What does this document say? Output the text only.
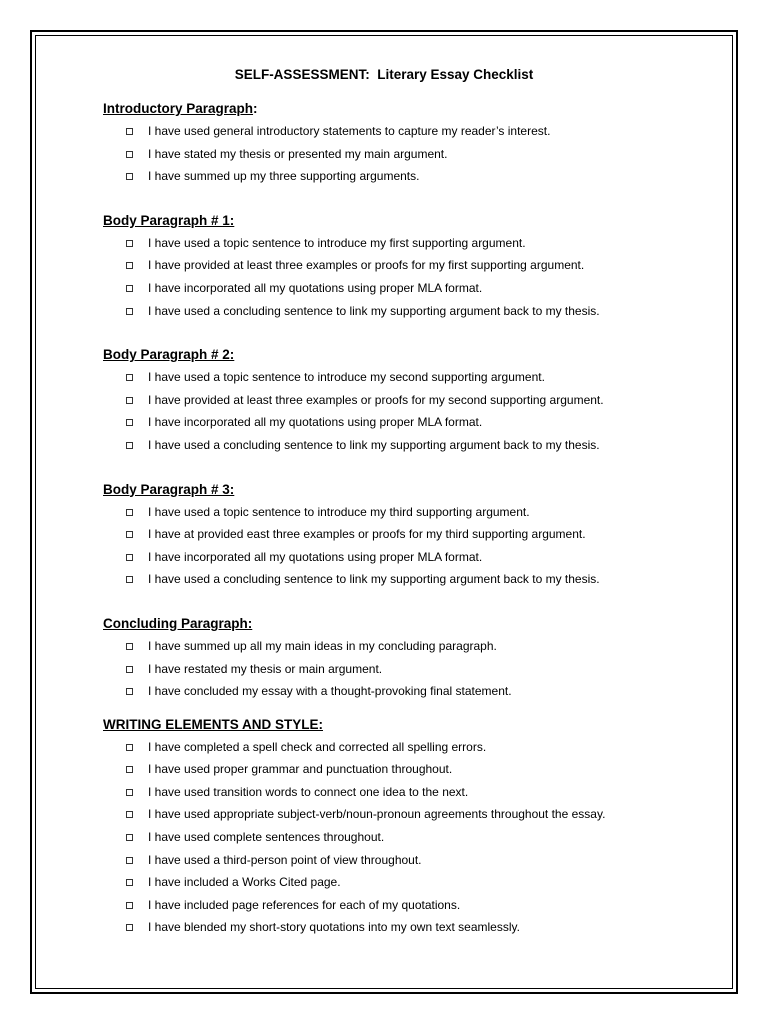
SELF-ASSESSMENT:  Literary Essay Checklist
Introductory Paragraph:
I have used general introductory statements to capture my reader’s interest.
I have stated my thesis or presented my main argument.
I have summed up my three supporting arguments.
Body Paragraph # 1:
I have used a topic sentence to introduce my first supporting argument.
I have provided at least three examples or proofs for my first supporting argument.
I have incorporated all my quotations using proper MLA format.
I have used a concluding sentence to link my supporting argument back to my thesis.
Body Paragraph # 2:
I have used a topic sentence to introduce my second supporting argument.
I have provided at least three examples or proofs for my second supporting argument.
I have incorporated all my quotations using proper MLA format.
I have used a concluding sentence to link my supporting argument back to my thesis.
Body Paragraph # 3:
I have used a topic sentence to introduce my third supporting argument.
I have at provided east three examples or proofs for my third supporting argument.
I have incorporated all my quotations using proper MLA format.
I have used a concluding sentence to link my supporting argument back to my thesis.
Concluding Paragraph:
I have summed up all my main ideas in my concluding paragraph.
I have restated my thesis or main argument.
I have concluded my essay with a thought-provoking final statement.
WRITING ELEMENTS AND STYLE:
I have completed a spell check and corrected all spelling errors.
I have used proper grammar and punctuation throughout.
I have used transition words to connect one idea to the next.
I have used appropriate subject-verb/noun-pronoun agreements throughout the essay.
I have used complete sentences throughout.
I have used a third-person point of view throughout.
I have included a Works Cited page.
I have included page references for each of my quotations.
I have blended my short-story quotations into my own text seamlessly.
